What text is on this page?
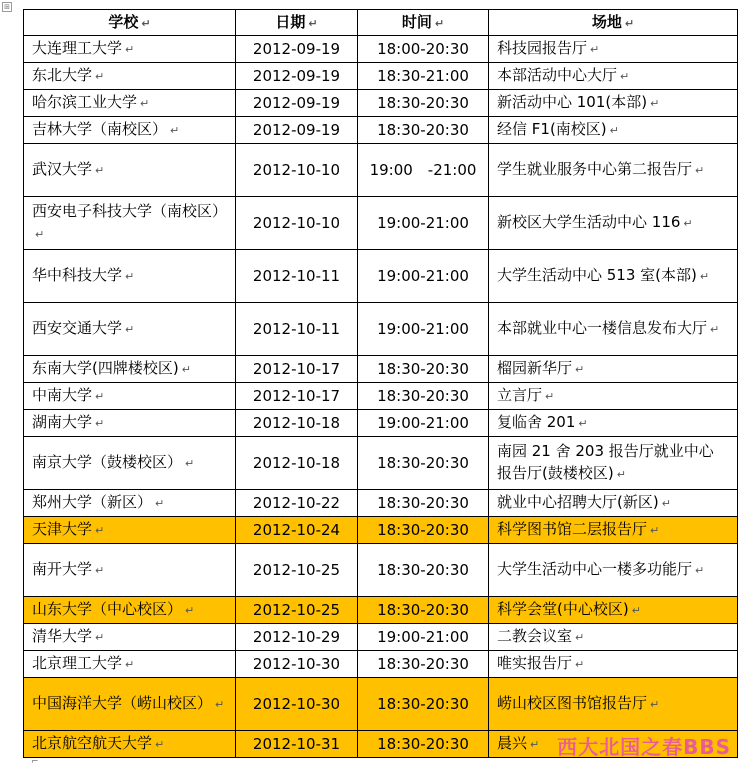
⊞
学校 ↵	日期 ↵	时间 ↵	场地 ↵
大连理工大学 ↵	2012-09-19	18:00-20:30	科技园报告厅 ↵
东北大学 ↵	2012-09-19	18:30-21:00	本部活动中心大厅 ↵
哈尔滨工业大学 ↵	2012-09-19	18:30-20:30	新活动中心 101(本部) ↵
吉林大学（南校区） ↵	2012-09-19	18:30-20:30	经信 F1(南校区) ↵
武汉大学 ↵	2012-10-10	19:00　-21:00	学生就业服务中心第二报告厅 ↵
西安电子科技大学（南校区）↵	2012-10-10	19:00-21:00	新校区大学生活动中心 116 ↵
华中科技大学 ↵	2012-10-11	19:00-21:00	大学生活动中心 513 室(本部) ↵
西安交通大学 ↵	2012-10-11	19:00-21:00	本部就业中心一楼信息发布大厅 ↵
东南大学(四牌楼校区) ↵	2012-10-17	18:30-20:30	榴园新华厅 ↵
中南大学 ↵	2012-10-17	18:30-20:30	立言厅 ↵
湖南大学 ↵	2012-10-18	19:00-21:00	复临舍 201 ↵
南京大学（鼓楼校区） ↵	2012-10-18	18:30-20:30	南园 21 舍 203 报告厅就业中心报告厅(鼓楼校区) ↵
郑州大学（新区） ↵	2012-10-22	18:30-20:30	就业中心招聘大厅(新区) ↵
天津大学 ↵	2012-10-24	18:30-20:30	科学图书馆二层报告厅 ↵
南开大学 ↵	2012-10-25	18:30-20:30	大学生活动中心一楼多功能厅 ↵
山东大学（中心校区） ↵	2012-10-25	18:30-20:30	科学会堂(中心校区) ↵
清华大学 ↵	2012-10-29	19:00-21:00	二教会议室 ↵
北京理工大学 ↵	2012-10-30	18:30-20:30	唯实报告厅 ↵
中国海洋大学（崂山校区） ↵	2012-10-30	18:30-20:30	崂山校区图书馆报告厅 ↵
北京航空航天大学 ↵	2012-10-31	18:30-20:30	晨兴 ↵ 西大北国之春BBS
⌐
